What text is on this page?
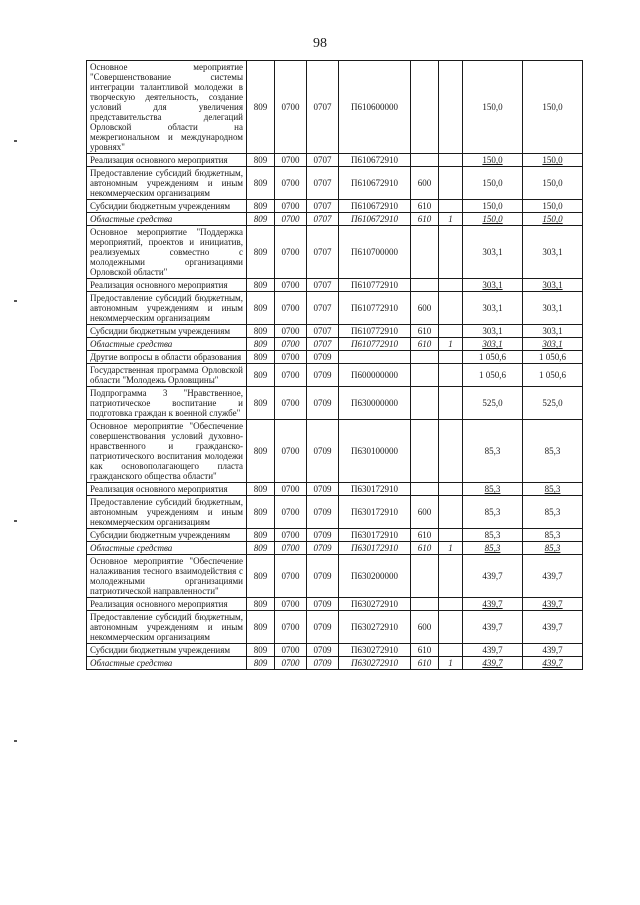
98
Основное мероприятие "Совершенствование системы интеграции талантливой молодежи в творческую деятельность, создание условий для увеличения представительства делегаций Орловской области на межрегиональном и международном уровнях"	809	0700	0707	П610600000			150,0	150,0
Реализация основного мероприятия	809	0700	0707	П610672910			150,0	150,0
Предоставление субсидий бюджетным, автономным учреждениям и иным некоммерческим организациям	809	0700	0707	П610672910	600		150,0	150,0
Субсидии бюджетным учреждениям	809	0700	0707	П610672910	610		150,0	150,0
Областные средства	809	0700	0707	П610672910	610	1	150,0	150,0
Основное мероприятие "Поддержка мероприятий, проектов и инициатив, реализуемых совместно с молодежными организациями Орловской области"	809	0700	0707	П610700000			303,1	303,1
Реализация основного мероприятия	809	0700	0707	П610772910			303,1	303,1
Предоставление субсидий бюджетным, автономным учреждениям и иным некоммерческим организациям	809	0700	0707	П610772910	600		303,1	303,1
Субсидии бюджетным учреждениям	809	0700	0707	П610772910	610		303,1	303,1
Областные средства	809	0700	0707	П610772910	610	1	303,1	303,1
Другие вопросы в области образования	809	0700	0709				1 050,6	1 050,6
Государственная программа Орловской области "Молодежь Орловщины"	809	0700	0709	П600000000			1 050,6	1 050,6
Подпрограмма 3 "Нравственное, патриотическое воспитание и подготовка граждан к военной службе"	809	0700	0709	П630000000			525,0	525,0
Основное мероприятие "Обеспечение совершенствования условий духовно-нравственного и гражданско-патриотического воспитания молодежи как основополагающего пласта гражданского общества области"	809	0700	0709	П630100000			85,3	85,3
Реализация основного мероприятия	809	0700	0709	П630172910			85,3	85,3
Предоставление субсидий бюджетным, автономным учреждениям и иным некоммерческим организациям	809	0700	0709	П630172910	600		85,3	85,3
Субсидии бюджетным учреждениям	809	0700	0709	П630172910	610		85,3	85,3
Областные средства	809	0700	0709	П630172910	610	1	85,3	85,3
Основное мероприятие "Обеспечение налаживания тесного взаимодействия с молодежными организациями патриотической направленности"	809	0700	0709	П630200000			439,7	439,7
Реализация основного мероприятия	809	0700	0709	П630272910			439,7	439,7
Предоставление субсидий бюджетным, автономным учреждениям и иным некоммерческим организациям	809	0700	0709	П630272910	600		439,7	439,7
Субсидии бюджетным учреждениям	809	0700	0709	П630272910	610		439,7	439,7
Областные средства	809	0700	0709	П630272910	610	1	439,7	439,7
